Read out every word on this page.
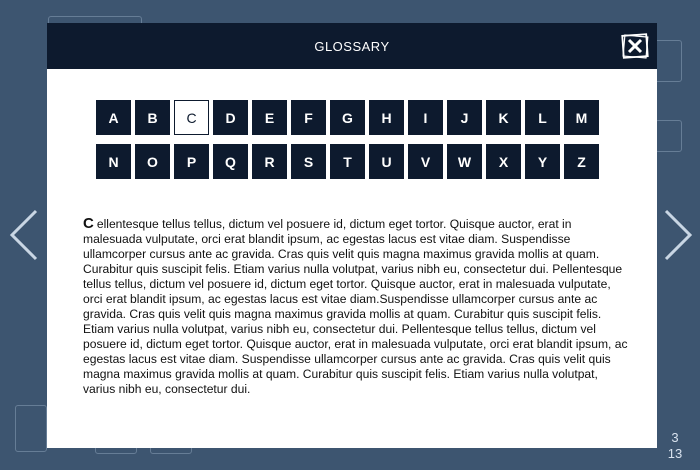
3
13
GLOSSARY
A	B	C	D	E	F	G	H	I	J	K	L	M
N	O	P	Q	R	S	T	U	V	W	X	Y	Z
C ellentesque tellus tellus, dictum vel posuere id, dictum eget tortor. Quisque auctor, erat in malesuada vulputate, orci erat blandit ipsum, ac egestas lacus est vitae diam. Suspendisse ullamcorper cursus ante ac gravida. Cras quis velit quis magna maximus gravida mollis at quam. Curabitur quis suscipit felis. Etiam varius nulla volutpat, varius nibh eu, consectetur dui. Pellentesque tellus tellus, dictum vel posuere id, dictum eget tortor. Quisque auctor, erat in malesuada vulputate, orci erat blandit ipsum, ac egestas lacus est vitae diam.Suspendisse ullamcorper cursus ante ac gravida. Cras quis velit quis magna maximus gravida mollis at quam. Curabitur quis suscipit felis. Etiam varius nulla volutpat, varius nibh eu, consectetur dui. Pellentesque tellus tellus, dictum vel posuere id, dictum eget tortor. Quisque auctor, erat in malesuada vulputate, orci erat blandit ipsum, ac egestas lacus est vitae diam. Suspendisse ullamcorper cursus ante ac gravida. Cras quis velit quis magna maximus gravida mollis at quam. Curabitur quis suscipit felis. Etiam varius nulla volutpat, varius nibh eu, consectetur dui.
